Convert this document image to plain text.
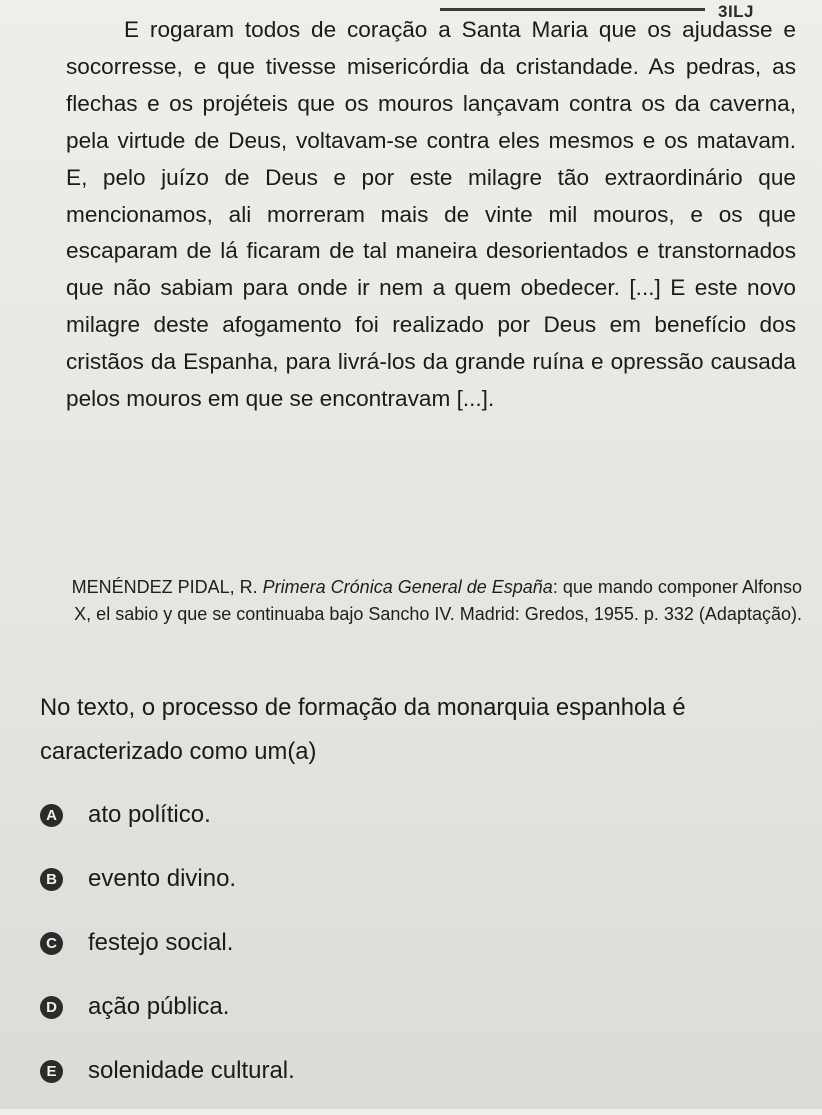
3ILJ

E rogaram todos de coração a Santa Maria que os ajudasse e socorresse, e que tivesse misericórdia da cristandade. As pedras, as flechas e os projéteis que os mouros lançavam contra os da caverna, pela virtude de Deus, voltavam-se contra eles mesmos e os matavam. E, pelo juízo de Deus e por este milagre tão extraordinário que mencionamos, ali morreram mais de vinte mil mouros, e os que escaparam de lá ficaram de tal maneira desorientados e transtornados que não sabiam para onde ir nem a quem obedecer. [...] E este novo milagre deste afogamento foi realizado por Deus em benefício dos cristãos da Espanha, para livrá-los da grande ruína e opressão causada pelos mouros em que se encontravam [...].

MENÉNDEZ PIDAL, R. Primera Crónica General de España: que mando componer Alfonso X, el sabio y que se continuaba bajo Sancho IV. Madrid: Gredos, 1955. p. 332 (Adaptação).

No texto, o processo de formação da monarquia espanhola é caracterizado como um(a)

A ato político.
B evento divino.
C festejo social.
D ação pública.
E solenidade cultural.
